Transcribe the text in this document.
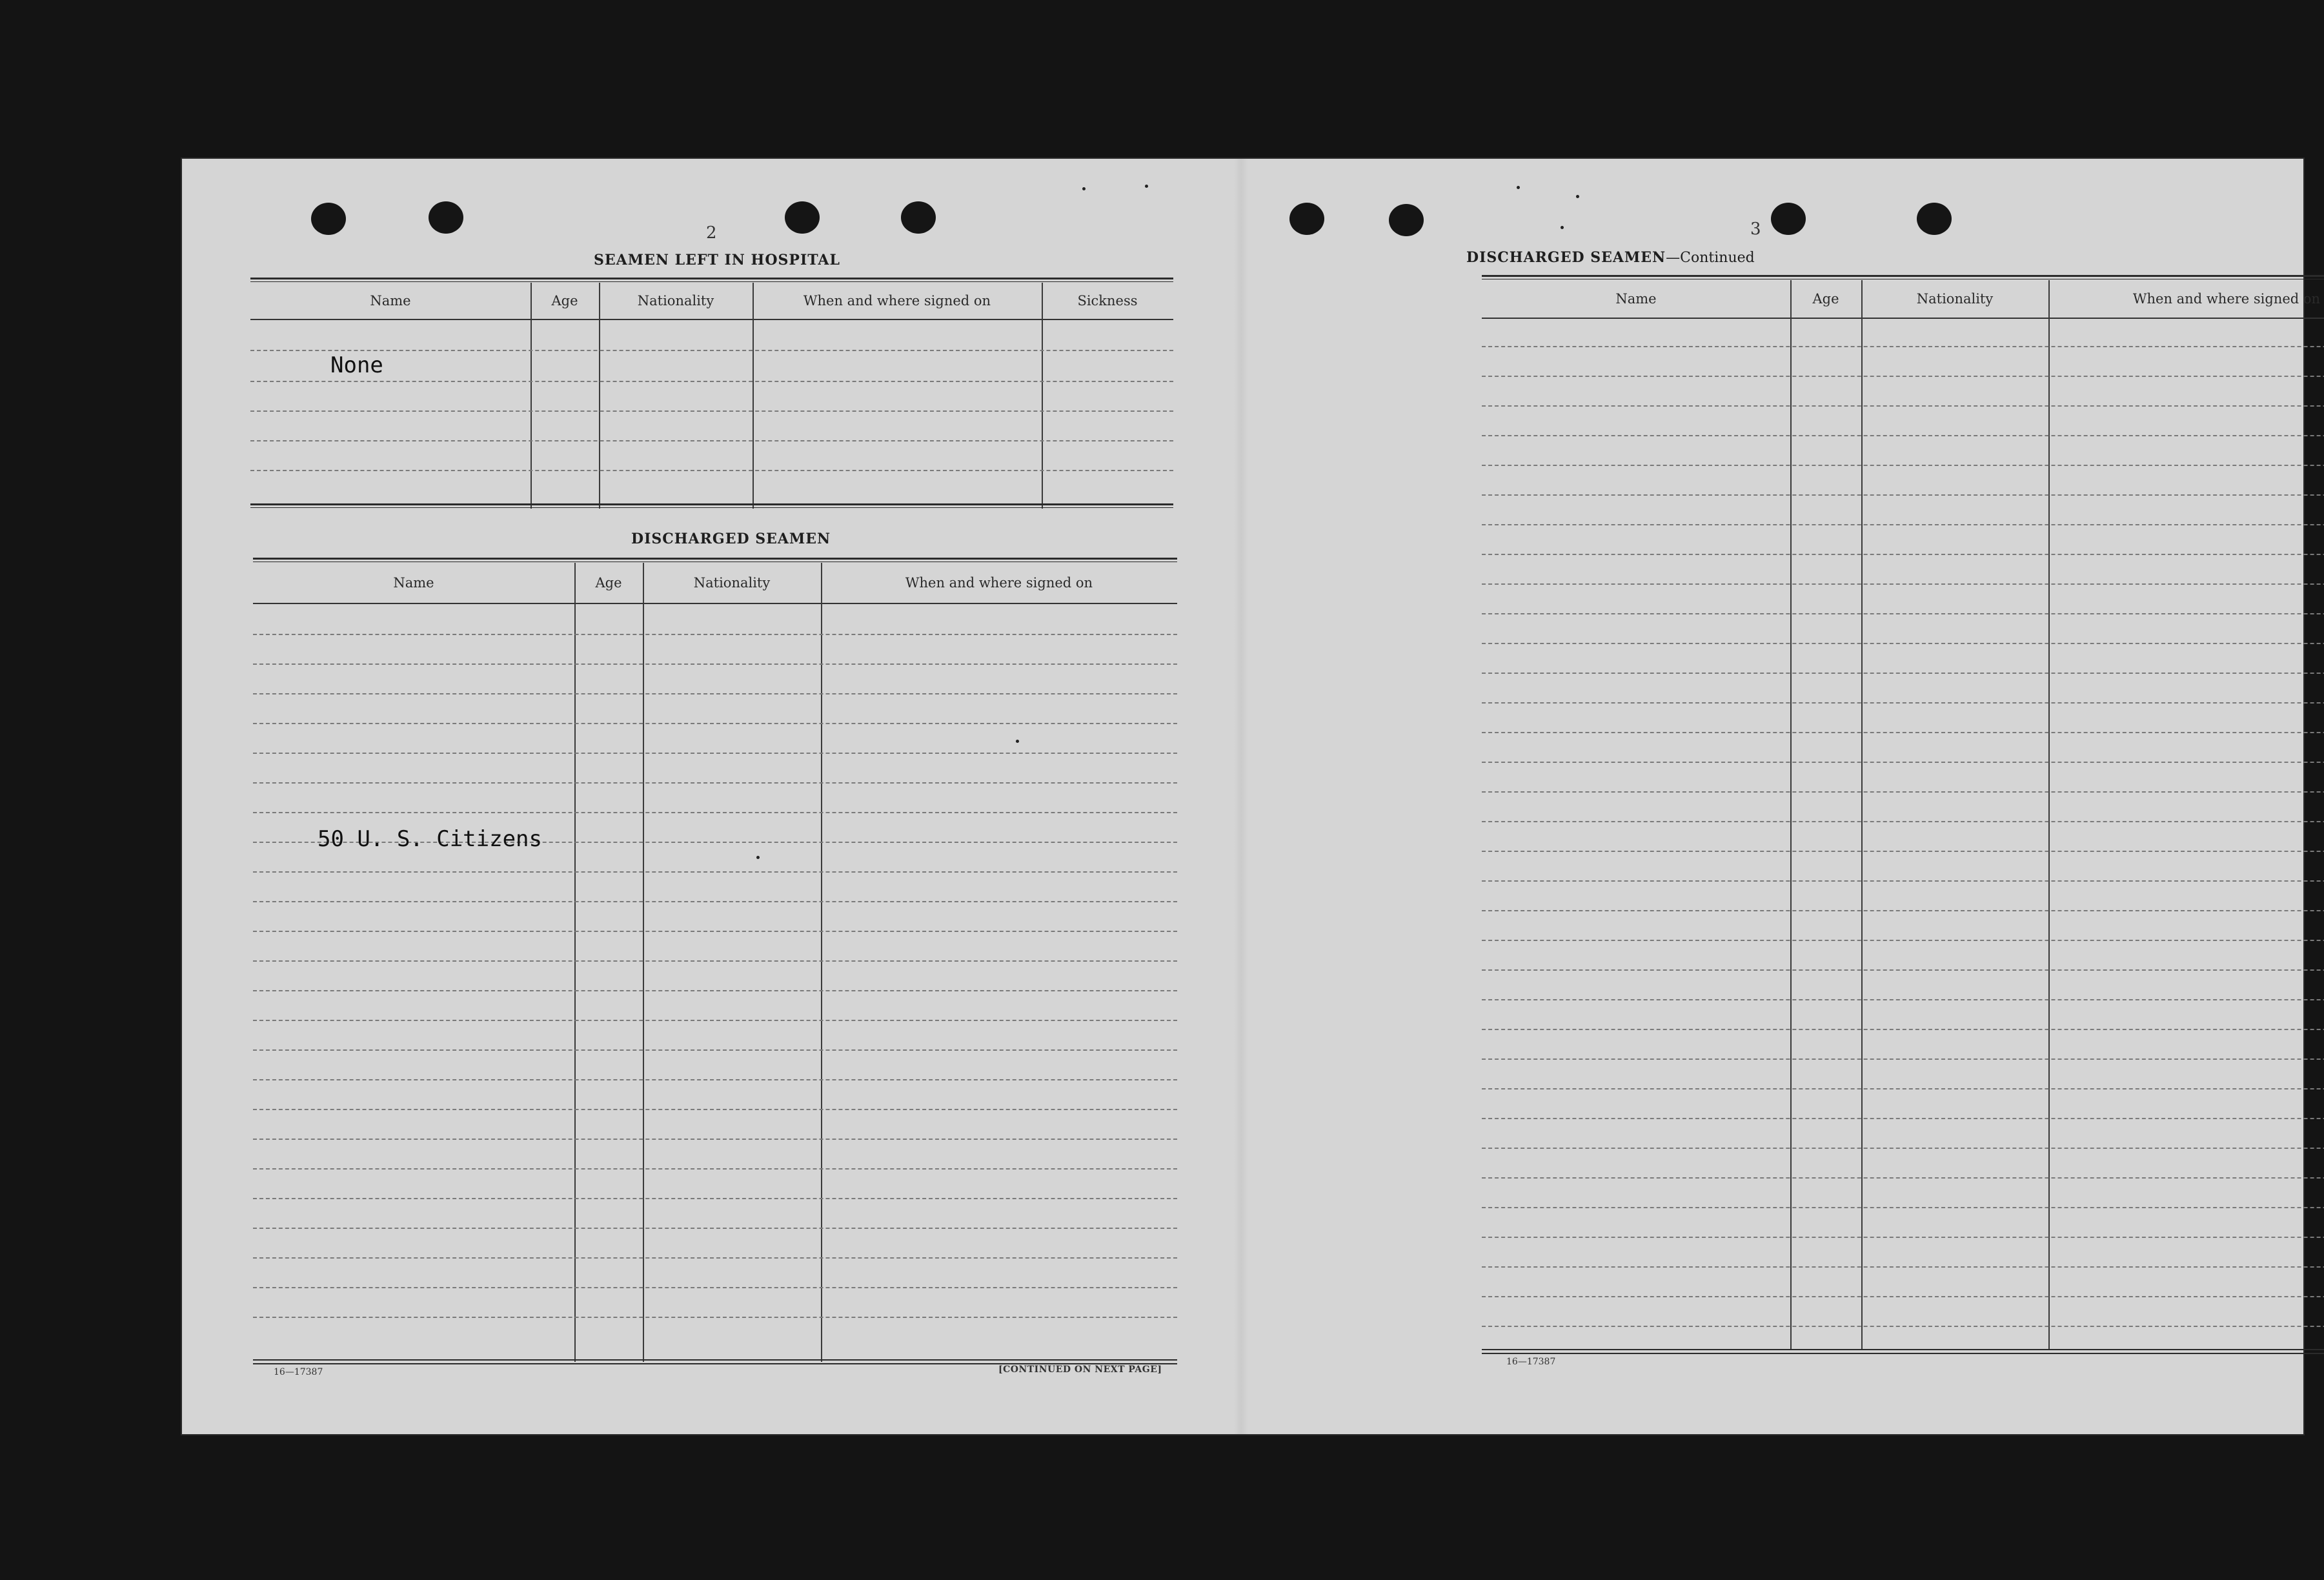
2
SEAMEN LEFT IN HOSPITAL
Name	Age	Nationality	When and where signed on	Sickness
None
DISCHARGED SEAMEN
Name	Age	Nationality	When and where signed on
50 U. S. Citizens
16—17387	[CONTINUED ON NEXT PAGE]
3
DISCHARGED SEAMEN—Continued
Name	Age	Nationality	When and where signed on
16—17387
